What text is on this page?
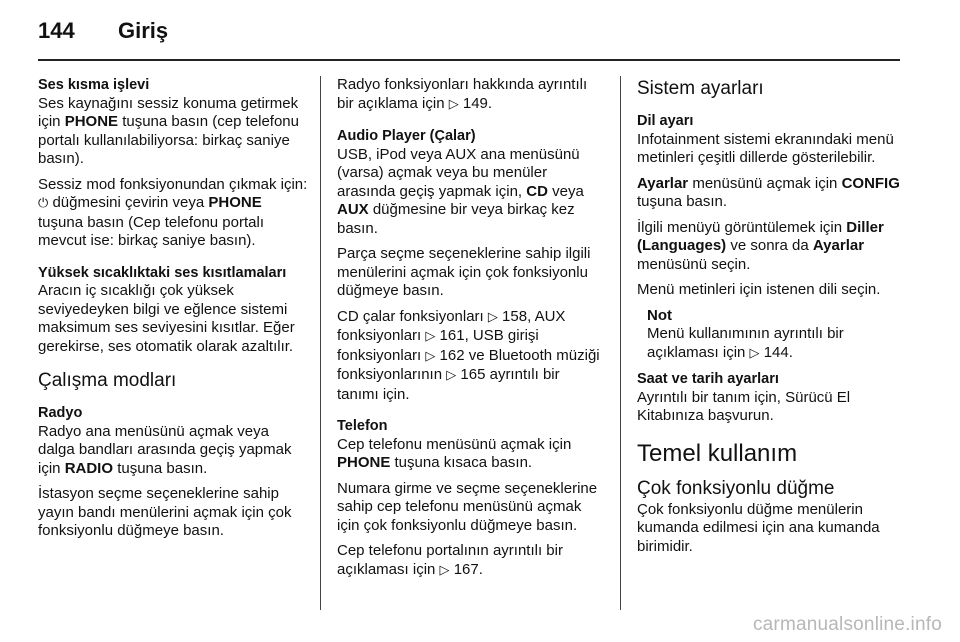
144 Giriş
Ses kısma işlevi

Ses kaynağını sessiz konuma getirmek için PHONE tuşuna basın (cep telefonu portalı kullanılabiliyorsa: birkaç saniye basın).

Sessiz mod fonksiyonundan çıkmak için: ⏻ düğmesini çevirin veya PHONE tuşuna basın (Cep telefonu portalı mevcut ise: birkaç saniye basın).

Yüksek sıcaklıktaki ses kısıtlamaları

Aracın iç sıcaklığı çok yüksek seviyedeyken bilgi ve eğlence sistemi maksimum ses seviyesini kısıtlar. Eğer gerekirse, ses otomatik olarak azaltılır.

Çalışma modları
Radyo

Radyo ana menüsünü açmak veya dalga bandları arasında geçiş yapmak için RADIO tuşuna basın.

İstasyon seçme seçeneklerine sahip yayın bandı menülerini açmak için çok fonksiyonlu düğmeye basın.

Radyo fonksiyonları hakkında ayrıntılı bir açıklama için ▷ 149.

Audio Player (Çalar)

USB, iPod veya AUX ana menüsünü (varsa) açmak veya bu menüler arasında geçiş yapmak için, CD veya AUX düğmesine bir veya birkaç kez basın.

Parça seçme seçeneklerine sahip ilgili menülerini açmak için çok fonksiyonlu düğmeye basın.

CD çalar fonksiyonları ▷ 158, AUX fonksiyonları ▷ 161, USB girişi fonksiyonları ▷ 162 ve Bluetooth müziği fonksiyonlarının ▷ 165 ayrıntılı bir tanımı için.

Telefon

Cep telefonu menüsünü açmak için PHONE tuşuna kısaca basın.

Numara girme ve seçme seçeneklerine sahip cep telefonu menüsünü açmak için çok fonksiyonlu düğmeye basın.

Cep telefonu portalının ayrıntılı bir açıklaması için ▷ 167.

Sistem ayarları
Dil ayarı

Infotainment sistemi ekranındaki menü metinleri çeşitli dillerde gösterilebilir.

Ayarlar menüsünü açmak için CONFIG tuşuna basın.

İlgili menüyü görüntülemek için Diller (Languages) ve sonra da Ayarlar menüsünü seçin.

Menü metinleri için istenen dili seçin.

Not

Menü kullanımının ayrıntılı bir açıklaması için ▷ 144.

Saat ve tarih ayarları

Ayrıntılı bir tanım için, Sürücü El Kitabınıza başvurun.

Temel kullanım
Çok fonksiyonlu düğme

Çok fonksiyonlu düğme menülerin kumanda edilmesi için ana kumanda birimidir.

carmanualsonline.info
